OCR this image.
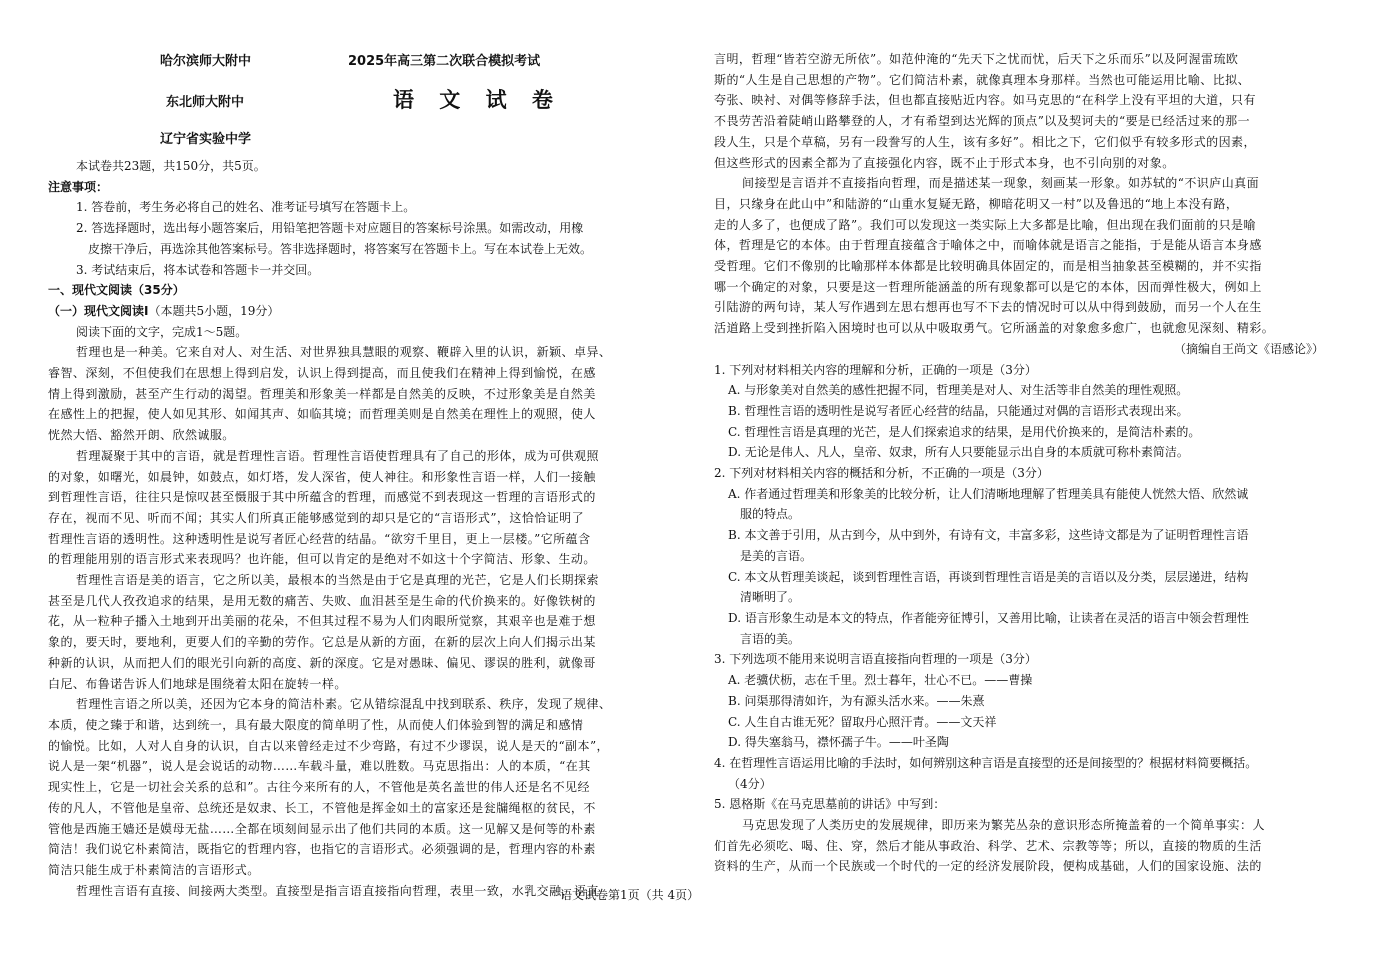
哈尔滨师大附中	2025年高三第二次联合模拟考试
东北师大附中	语 文 试 卷
辽宁省实验中学
本试卷共23题，共150分，共5页。
注意事项：
1. 答卷前，考生务必将自己的姓名、准考证号填写在答题卡上。
2. 答选择题时，选出每小题答案后，用铅笔把答题卡对应题目的答案标号涂黑。如需改动，用橡
皮擦干净后，再选涂其他答案标号。答非选择题时，将答案写在答题卡上。写在本试卷上无效。
3. 考试结束后，将本试卷和答题卡一并交回。
一、现代文阅读（35分）
（一）现代文阅读I（本题共5小题，19分）
阅读下面的文字，完成1～5题。
哲理也是一种美。它来自对人、对生活、对世界独具慧眼的观察、鞭辟入里的认识，新颖、卓异、
睿智、深刻，不但使我们在思想上得到启发，认识上得到提高，而且使我们在精神上得到愉悦，在感
情上得到激励，甚至产生行动的渴望。哲理美和形象美一样都是自然美的反映，不过形象美是自然美
在感性上的把握，使人如见其形、如闻其声、如临其境；而哲理美则是自然美在理性上的观照，使人
恍然大悟、豁然开朗、欣然诚服。
哲理凝聚于其中的言语，就是哲理性言语。哲理性言语使哲理具有了自己的形体，成为可供观照
的对象，如曙光，如晨钟，如鼓点，如灯塔，发人深省，使人神往。和形象性言语一样，人们一接触
到哲理性言语，往往只是惊叹甚至慑服于其中所蕴含的哲理，而感觉不到表现这一哲理的言语形式的
存在，视而不见、听而不闻；其实人们所真正能够感觉到的却只是它的“言语形式”，这恰恰证明了
哲理性言语的透明性。这种透明性是说写者匠心经营的结晶。“欲穷千里目，更上一层楼。”它所蕴含
的哲理能用别的语言形式来表现吗？也许能，但可以肯定的是绝对不如这十个字简洁、形象、生动。
哲理性言语是美的语言，它之所以美，最根本的当然是由于它是真理的光芒，它是人们长期探索
甚至是几代人孜孜追求的结果，是用无数的痛苦、失败、血泪甚至是生命的代价换来的。好像铁树的
花，从一粒种子播入土地到开出美丽的花朵，不但其过程不易为人们肉眼所觉察，其艰辛也是难于想
象的，要天时，要地利，更要人们的辛勤的劳作。它总是从新的方面，在新的层次上向人们揭示出某
种新的认识，从而把人们的眼光引向新的高度、新的深度。它是对愚昧、偏见、谬误的胜利，就像哥
白尼、布鲁诺告诉人们地球是围绕着太阳在旋转一样。
哲理性言语之所以美，还因为它本身的简洁朴素。它从错综混乱中找到联系、秩序，发现了规律、
本质，使之臻于和谐，达到统一，具有最大限度的简单明了性，从而使人们体验到智的满足和感情
的愉悦。比如，人对人自身的认识，自古以来曾经走过不少弯路，有过不少谬误，说人是天的“副本”，
说人是一架“机器”，说人是会说话的动物……车载斗量，难以胜数。马克思指出：人的本质，“在其
现实性上，它是一切社会关系的总和”。古往今来所有的人，不管他是英名盖世的伟人还是名不见经
传的凡人，不管他是皇帝、总统还是奴隶、长工，不管他是挥金如土的富家还是瓮牖绳枢的贫民，不
管他是西施王嫱还是嫫母无盐……全都在顷刻间显示出了他们共同的本质。这一见解又是何等的朴素
简洁！我们说它朴素简洁，既指它的哲理内容，也指它的言语形式。必须强调的是，哲理内容的朴素
简洁只能生成于朴素简洁的言语形式。
哲理性言语有直接、间接两大类型。直接型是指言语直接指向哲理，表里一致，水乳交融，语直
言明，哲理“皆若空游无所依”。如范仲淹的“先天下之忧而忧，后天下之乐而乐”以及阿渥雷琉欧
斯的“人生是自己思想的产物”。它们简洁朴素，就像真理本身那样。当然也可能运用比喻、比拟、
夸张、映衬、对偶等修辞手法，但也都直接贴近内容。如马克思的“在科学上没有平坦的大道，只有
不畏劳苦沿着陡峭山路攀登的人，才有希望到达光辉的顶点”以及契诃夫的“要是已经活过来的那一
段人生，只是个草稿，另有一段誊写的人生，该有多好”。相比之下，它们似乎有较多形式的因素，
但这些形式的因素全都为了直接强化内容，既不止于形式本身，也不引向别的对象。
间接型是言语并不直接指向哲理，而是描述某一现象，刻画某一形象。如苏轼的“不识庐山真面
目，只缘身在此山中”和陆游的“山重水复疑无路，柳暗花明又一村”以及鲁迅的“地上本没有路，
走的人多了，也便成了路”。我们可以发现这一类实际上大多都是比喻，但出现在我们面前的只是喻
体，哲理是它的本体。由于哲理直接蕴含于喻体之中，而喻体就是语言之能指，于是能从语言本身感
受哲理。它们不像别的比喻那样本体都是比较明确具体固定的，而是相当抽象甚至模糊的，并不实指
哪一个确定的对象，只要是这一哲理所能涵盖的所有现象都可以是它的本体，因而弹性极大，例如上
引陆游的两句诗，某人写作遇到左思右想再也写不下去的情况时可以从中得到鼓励，而另一个人在生
活道路上受到挫折陷入困境时也可以从中吸取勇气。它所涵盖的对象愈多愈广，也就愈见深刻、精彩。
（摘编自王尚文《语感论》）
1. 下列对材料相关内容的理解和分析，正确的一项是（3分）
A. 与形象美对自然美的感性把握不同，哲理美是对人、对生活等非自然美的理性观照。
B. 哲理性言语的透明性是说写者匠心经营的结晶，只能通过对偶的言语形式表现出来。
C. 哲理性言语是真理的光芒，是人们探索追求的结果，是用代价换来的，是简洁朴素的。
D. 无论是伟人、凡人，皇帝、奴隶，所有人只要能显示出自身的本质就可称朴素简洁。
2. 下列对材料相关内容的概括和分析，不正确的一项是（3分）
A. 作者通过哲理美和形象美的比较分析，让人们清晰地理解了哲理美具有能使人恍然大悟、欣然诚
服的特点。
B. 本文善于引用，从古到今，从中到外，有诗有文，丰富多彩，这些诗文都是为了证明哲理性言语
是美的言语。
C. 本文从哲理美谈起，谈到哲理性言语，再谈到哲理性言语是美的言语以及分类，层层递进，结构
清晰明了。
D. 语言形象生动是本文的特点，作者能旁征博引，又善用比喻，让读者在灵活的语言中领会哲理性
言语的美。
3. 下列选项不能用来说明言语直接指向哲理的一项是（3分）
A. 老骥伏枥，志在千里。烈士暮年，壮心不已。——曹操
B. 问渠那得清如许，为有源头活水来。——朱熹
C. 人生自古谁无死？留取丹心照汗青。——文天祥
D. 得失塞翁马，襟怀孺子牛。——叶圣陶
4. 在哲理性言语运用比喻的手法时，如何辨别这种言语是直接型的还是间接型的？根据材料简要概括。
（4分）
5. 恩格斯《在马克思墓前的讲话》中写到：
马克思发现了人类历史的发展规律，即历来为繁芜丛杂的意识形态所掩盖着的一个简单事实：人
们首先必须吃、喝、住、穿，然后才能从事政治、科学、艺术、宗教等等；所以，直接的物质的生活
资料的生产，从而一个民族或一个时代的一定的经济发展阶段，便构成基础，人们的国家设施、法的
语文试卷第1页（共 4页）
